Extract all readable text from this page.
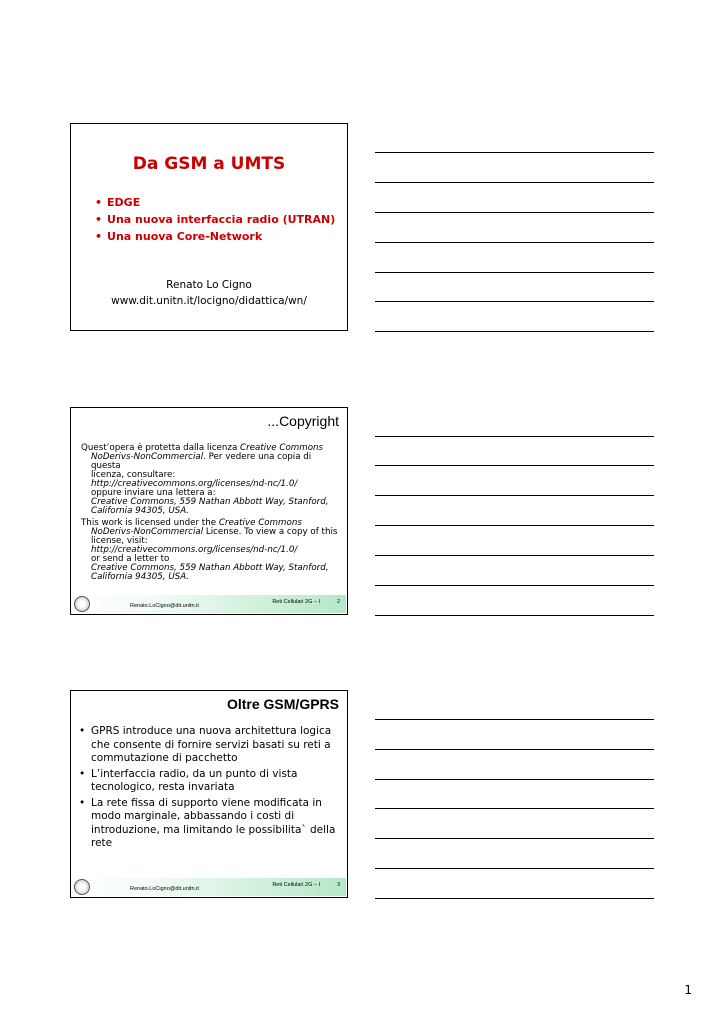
Da GSM a UMTS
• EDGE
• Una nuova interfaccia radio (UTRAN)
• Una nuova Core-Network
Renato Lo Cigno
www.dit.unitn.it/locigno/didattica/wn/
...Copyright
Quest’opera è protetta dalla licenza Creative Commons
NoDerivs-NonCommercial. Per vedere una copia di questa
licenza, consultare:
http://creativecommons.org/licenses/nd-nc/1.0/
oppure inviare una lettera a:
Creative Commons, 559 Nathan Abbott Way, Stanford,
California 94305, USA.
This work is licensed under the Creative Commons
NoDerivs-NonCommercial License. To view a copy of this
license, visit:
http://creativecommons.org/licenses/nd-nc/1.0/
or send a letter to
Creative Commons, 559 Nathan Abbott Way, Stanford,
California 94305, USA.
Renato.LoCigno@dit.unitn.it
Reti Cellulari 2G – I	2
Oltre GSM/GPRS
• GPRS introduce una nuova architettura logica
che consente di fornire servizi basati su reti a
commutazione di pacchetto
• L’interfaccia radio, da un punto di vista
tecnologico, resta invariata
• La rete fissa di supporto viene modificata in
modo marginale, abbassando i costi di
introduzione, ma limitando le possibilita` della
rete
Renato.LoCigno@dit.unitn.it
Reti Cellulari 2G – I	3
1
